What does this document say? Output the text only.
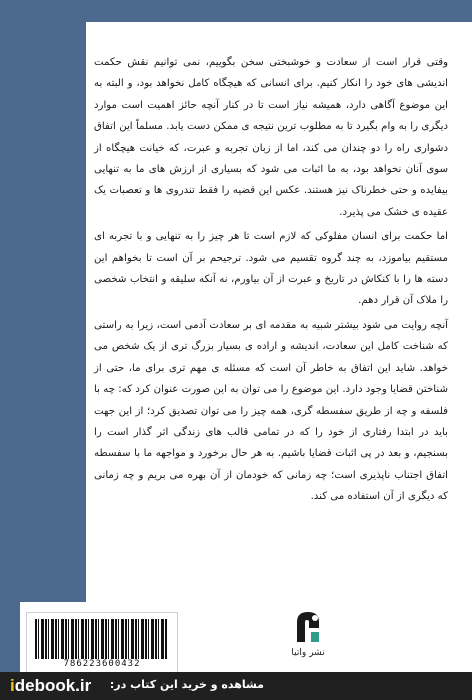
وقتی قرار است از سعادت و خوشبختی سخن بگوییم، نمی توانیم نقش حکمت اندیشی های خود را انکار کنیم. برای انسانی که هیچگاه کامل نخواهد بود، و البته به این موضوع آگاهی دارد، همیشه نیاز است تا در کنار آنچه حائز اهمیت است موارد دیگری را به وام بگیرد تا به مطلوب ترین نتیجه ی ممکن دست یابد. مسلماً این اتفاق دشواری راه را دو چندان می کند، اما از زبان تجربه و عبرت، که خیانت هیچگاه از سوی آنان نخواهد بود، به ما اثبات می شود که بسیاری از ارزش های ما به تنهایی بیفایده و حتی خطرناک نیز هستند. عکس این قضیه را فقط تندروی ها و تعصبات یک عقیده ی خشک می پذیرد.

اما حکمت برای انسان مفلوکی که لازم است تا هر چیز را به تنهایی و با تجربه ای مستقیم بیاموزد، به چند گروه تقسیم می شود. ترجیحم بر آن است تا بخواهم این دسته ها را با کنکاش در تاریخ و عبرت از آن بیاورم، نه آنکه سلیقه و انتخاب شخصی را ملاک آن قرار دهم.

آنچه روایت می شود بیشتر شبیه به مقدمه ای بر سعادت آدمی است، زیرا به راستی که شناخت کامل این سعادت، اندیشه و اراده ی بسیار بزرگ تری از یک شخص می خواهد. شاید این اتفاق به خاطر آن است که مسئله ی مهم تری برای ما، حتی از شناختن قضایا وجود دارد. این موضوع را می توان به این صورت عنوان کرد که: چه با فلسفه و چه از طریق سفسطه گری، همه چیز را می توان تصدیق کرد؛ از این جهت باید در ابتدا رفتاری از خود را که در تمامی قالب های زندگی اثر گذار است را بسنجیم، و بعد در پی اثبات قضایا باشیم. به هر حال برخورد و مواجهه ما با سفسطه اتفاق اجتناب ناپذیری است؛ چه زمانی که خودمان از آن بهره می بریم و چه زمانی که دیگری از آن استفاده می کند.

786223600432
نشر واتیا
idebook.ir مشاهده و خرید این کتاب در:
